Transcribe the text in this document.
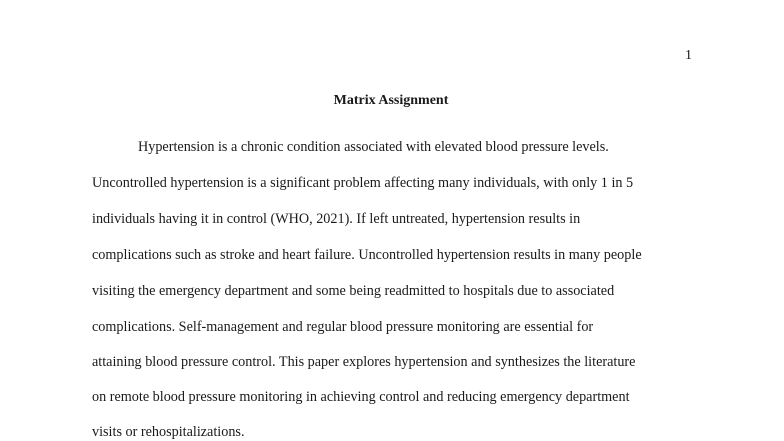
1
Matrix Assignment
Hypertension is a chronic condition associated with elevated blood pressure levels.
Uncontrolled hypertension is a significant problem affecting many individuals, with only 1 in 5
individuals having it in control (WHO, 2021). If left untreated, hypertension results in
complications such as stroke and heart failure. Uncontrolled hypertension results in many people
visiting the emergency department and some being readmitted to hospitals due to associated
complications. Self-management and regular blood pressure monitoring are essential for
attaining blood pressure control. This paper explores hypertension and synthesizes the literature
on remote blood pressure monitoring in achieving control and reducing emergency department
visits or rehospitalizations.
